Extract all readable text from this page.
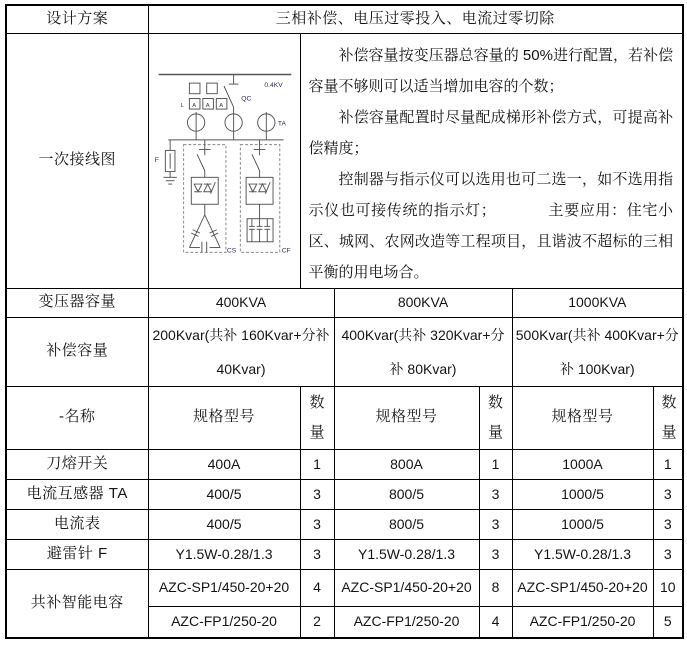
设计方案	三相补偿、电压过零投入、电流过零切除					
一次接线图	
0.4KV
L A A A
QC
TA
F
CS	CF

补偿容量按变压器总容量的 50%进行配置，若补偿容量不够则可以适当增加电容的个数；

补偿容量配置时尽量配成梯形补偿方式，可提高补偿精度；

控制器与指示仪可以选用也可二选一，如不选用指示仪也可接传统的指示灯；	主要应用：住宅小区、城网、农网改造等工程项目，且谐波不超标的三相平衡的用电场合。

变压器容量	400KVA		800KVA		1000KVA	
补偿容量	200Kvar(共补 160Kvar+分补 40Kvar)		400Kvar(共补 320Kvar+分补 80Kvar)		500Kvar(共补 400Kvar+分补 100Kvar)	
-名称	规格型号	数量	规格型号	数量	规格型号	数量
刀熔开关	400A	1	800A	1	1000A	1
电流互感器 TA	400/5	3	800/5	3	1000/5	3
电流表	400/5	3	800/5	3	1000/5	3
避雷针 F	Y1.5W-0.28/1.3	3	Y1.5W-0.28/1.3	3	Y1.5W-0.28/1.3	3
共补智能电容	AZC-SP1/450-20+20	4	AZC-SP1/450-20+20	8	AZC-SP1/450-20+20	10
	AZC-FP1/250-20	2	AZC-FP1/250-20	4	AZC-FP1/250-20	5
